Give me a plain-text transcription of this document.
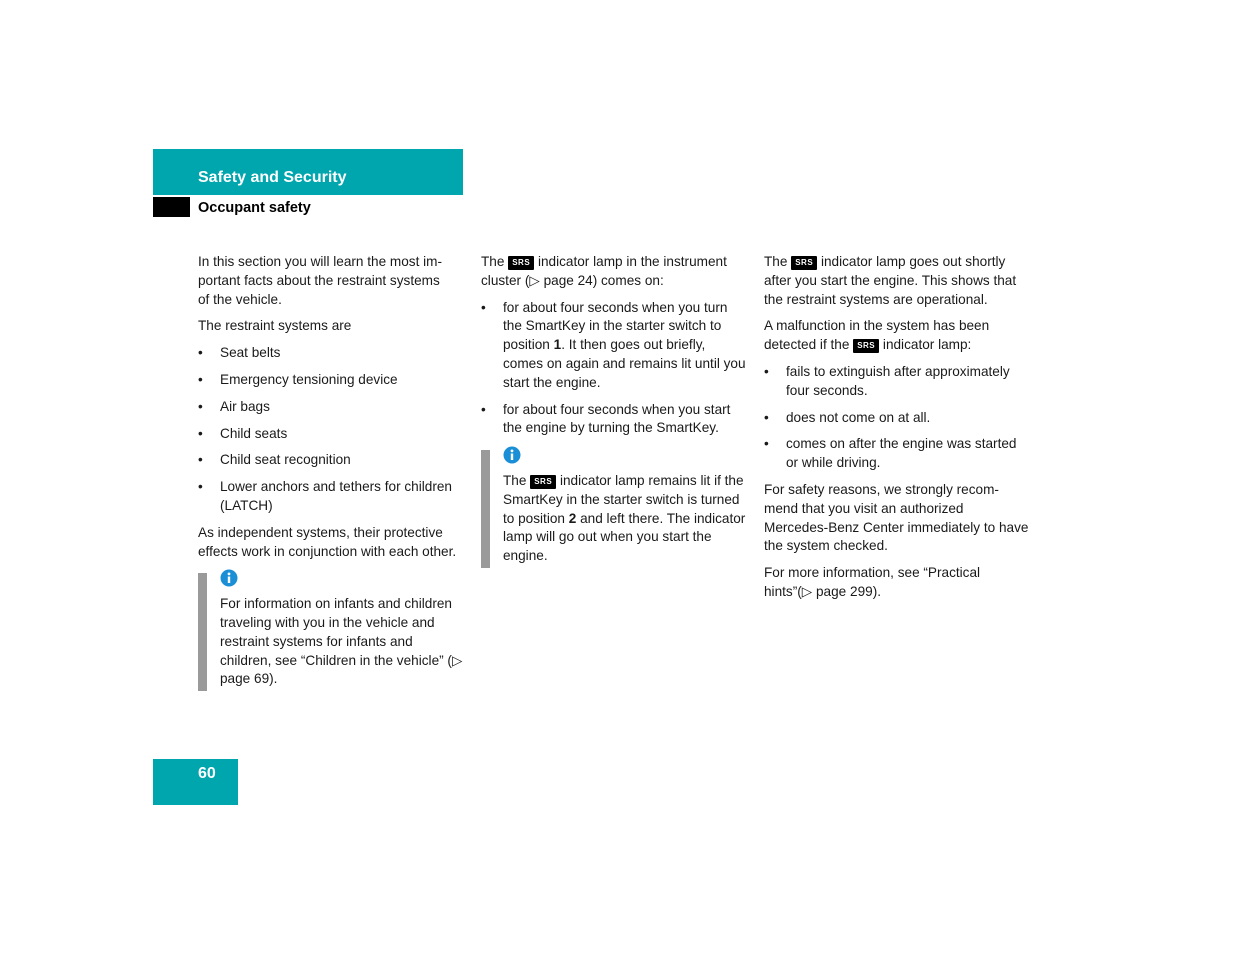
Safety and Security
Occupant safety

In this section you will learn the most im-
portant facts about the restraint systems
of the vehicle.

The restraint systems are

• Seat belts
• Emergency tensioning device
• Air bags
• Child seats
• Child seat recognition
• Lower anchors and tethers for children (LATCH)

As independent systems, their protective effects work in conjunction with each other.

For information on infants and children traveling with you in the vehicle and restraint systems for infants and children, see “Children in the vehicle” (▷ page 69).

The SRS indicator lamp in the instrument cluster (▷ page 24) comes on:

• for about four seconds when you turn the SmartKey in the starter switch to position 1. It then goes out briefly, comes on again and remains lit until you start the engine.
• for about four seconds when you start the engine by turning the SmartKey.
The SRS indicator lamp remains lit if the SmartKey in the starter switch is turned to position 2 and left there. The indicator lamp will go out when you start the engine.

The SRS indicator lamp goes out shortly after you start the engine. This shows that the restraint systems are operational.

A malfunction in the system has been detected if the SRS indicator lamp:

• fails to extinguish after approximately four seconds.
• does not come on at all.
• comes on after the engine was started or while driving.

For safety reasons, we strongly recom-mend that you visit an authorized Mercedes-Benz Center immediately to have the system checked.

For more information, see “Practical hints”(▷ page 299).

60
